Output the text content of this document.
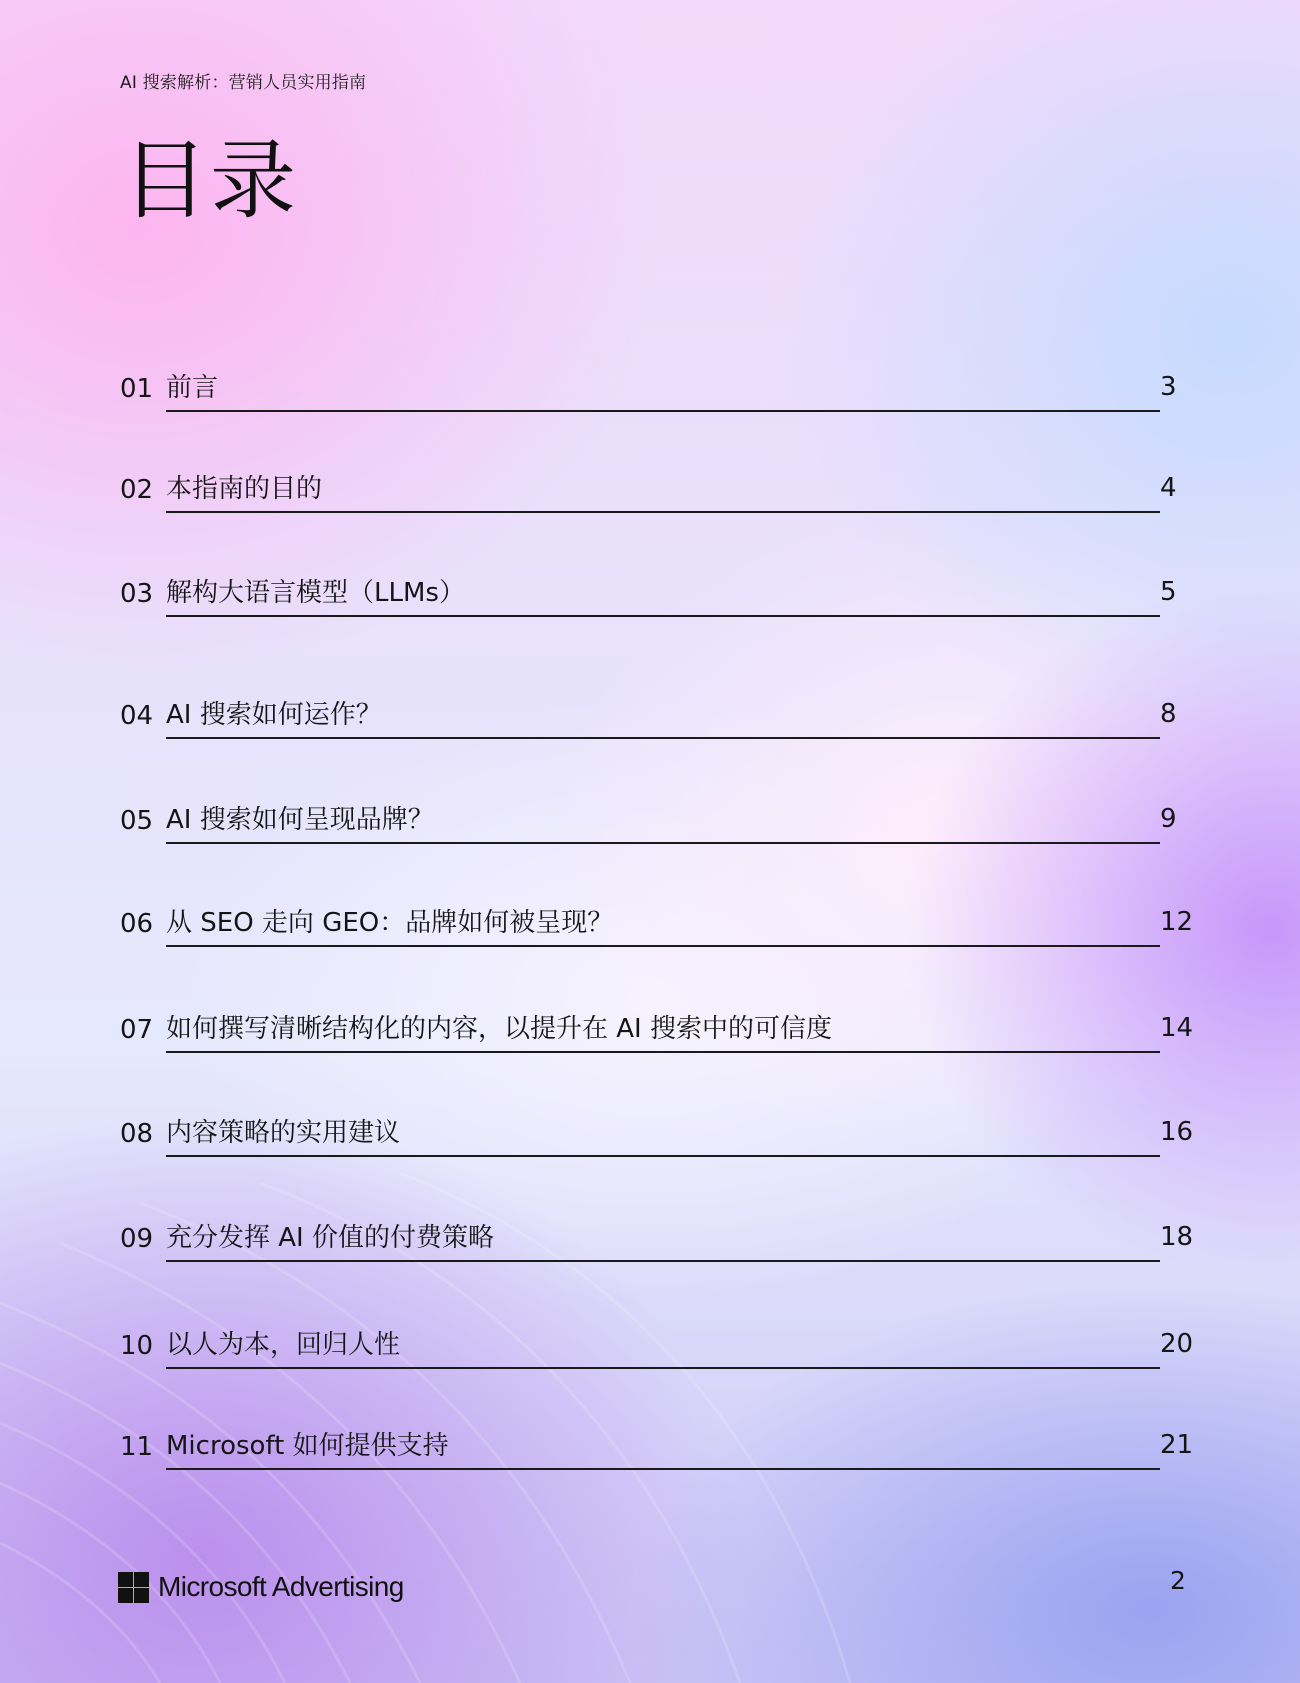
AI 搜索解析：营销人员实用指南
目录
01 前言	3
02 本指南的目的	4
03 解构大语言模型（LLMs）	5
04 AI 搜索如何运作？	8
05 AI 搜索如何呈现品牌？	9
06 从 SEO 走向 GEO：品牌如何被呈现？	12
07 如何撰写清晰结构化的内容，以提升在 AI 搜索中的可信度	14
08 内容策略的实用建议	16
09 充分发挥 AI 价值的付费策略	18
10 以人为本，回归人性	20
11 Microsoft 如何提供支持	21
Microsoft Advertising	2
